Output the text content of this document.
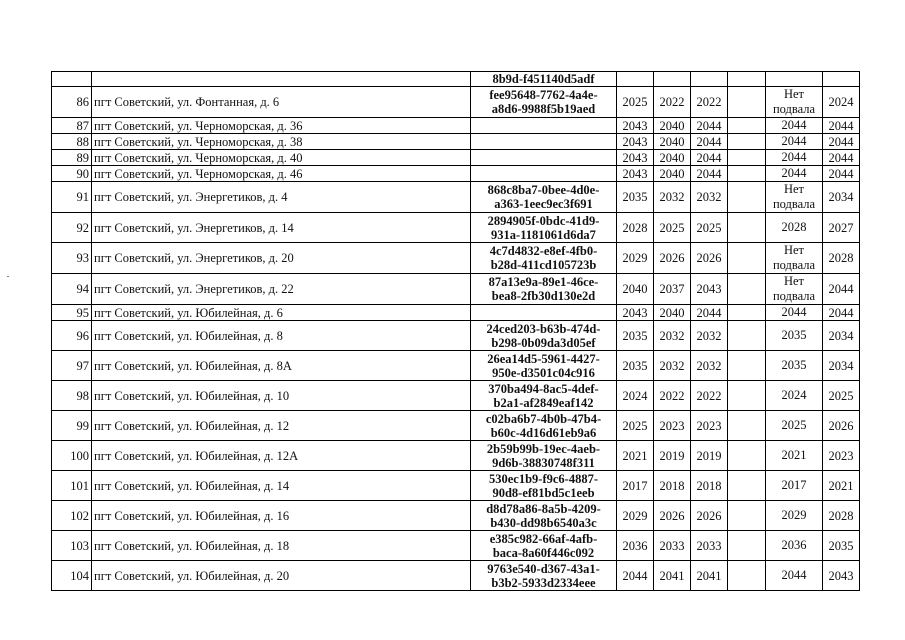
		8b9d-f451140d5adf						
86	пгт Советский, ул. Фонтанная, д. 6	fee95648-7762-4a4e-
a8d6-9988f5b19aed	2025	2022	2022		Нет подвала	2024
87	пгт Советский, ул. Черноморская, д. 36		2043	2040	2044		2044	2044
88	пгт Советский, ул. Черноморская, д. 38		2043	2040	2044		2044	2044
89	пгт Советский, ул. Черноморская, д. 40		2043	2040	2044		2044	2044
90	пгт Советский, ул. Черноморская, д. 46		2043	2040	2044		2044	2044
91	пгт Советский, ул. Энергетиков, д. 4	868c8ba7-0bee-4d0e-
a363-1eec9ec3f691	2035	2032	2032		Нет подвала	2034
92	пгт Советский, ул. Энергетиков, д. 14	2894905f-0bdc-41d9-
931a-1181061d6da7	2028	2025	2025		2028	2027
93	пгт Советский, ул. Энергетиков, д. 20	4c7d4832-e8ef-4fb0-
b28d-411cd105723b	2029	2026	2026		Нет подвала	2028
94	пгт Советский, ул. Энергетиков, д. 22	87a13e9a-89e1-46ce-
bea8-2fb30d130e2d	2040	2037	2043		Нет подвала	2044
95	пгт Советский, ул. Юбилейная, д. 6		2043	2040	2044		2044	2044
96	пгт Советский, ул. Юбилейная, д. 8	24ced203-b63b-474d-
b298-0b09da3d05ef	2035	2032	2032		2035	2034
97	пгт Советский, ул. Юбилейная, д. 8А	26ea14d5-5961-4427-
950e-d3501c04c916	2035	2032	2032		2035	2034
98	пгт Советский, ул. Юбилейная, д. 10	370ba494-8ac5-4def-
b2a1-af2849eaf142	2024	2022	2022		2024	2025
99	пгт Советский, ул. Юбилейная, д. 12	c02ba6b7-4b0b-47b4-
b60c-4d16d61eb9a6	2025	2023	2023		2025	2026
100	пгт Советский, ул. Юбилейная, д. 12А	2b59b99b-19ec-4aeb-
9d6b-38830748f311	2021	2019	2019		2021	2023
101	пгт Советский, ул. Юбилейная, д. 14	530ec1b9-f9c6-4887-
90d8-ef81bd5c1eeb	2017	2018	2018		2017	2021
102	пгт Советский, ул. Юбилейная, д. 16	d8d78a86-8a5b-4209-
b430-dd98b6540a3c	2029	2026	2026		2029	2028
103	пгт Советский, ул. Юбилейная, д. 18	e385c982-66af-4afb-
baca-8a60f446c092	2036	2033	2033		2036	2035
104	пгт Советский, ул. Юбилейная, д. 20	9763e540-d367-43a1-
b3b2-5933d2334eee	2044	2041	2041		2044	2043
